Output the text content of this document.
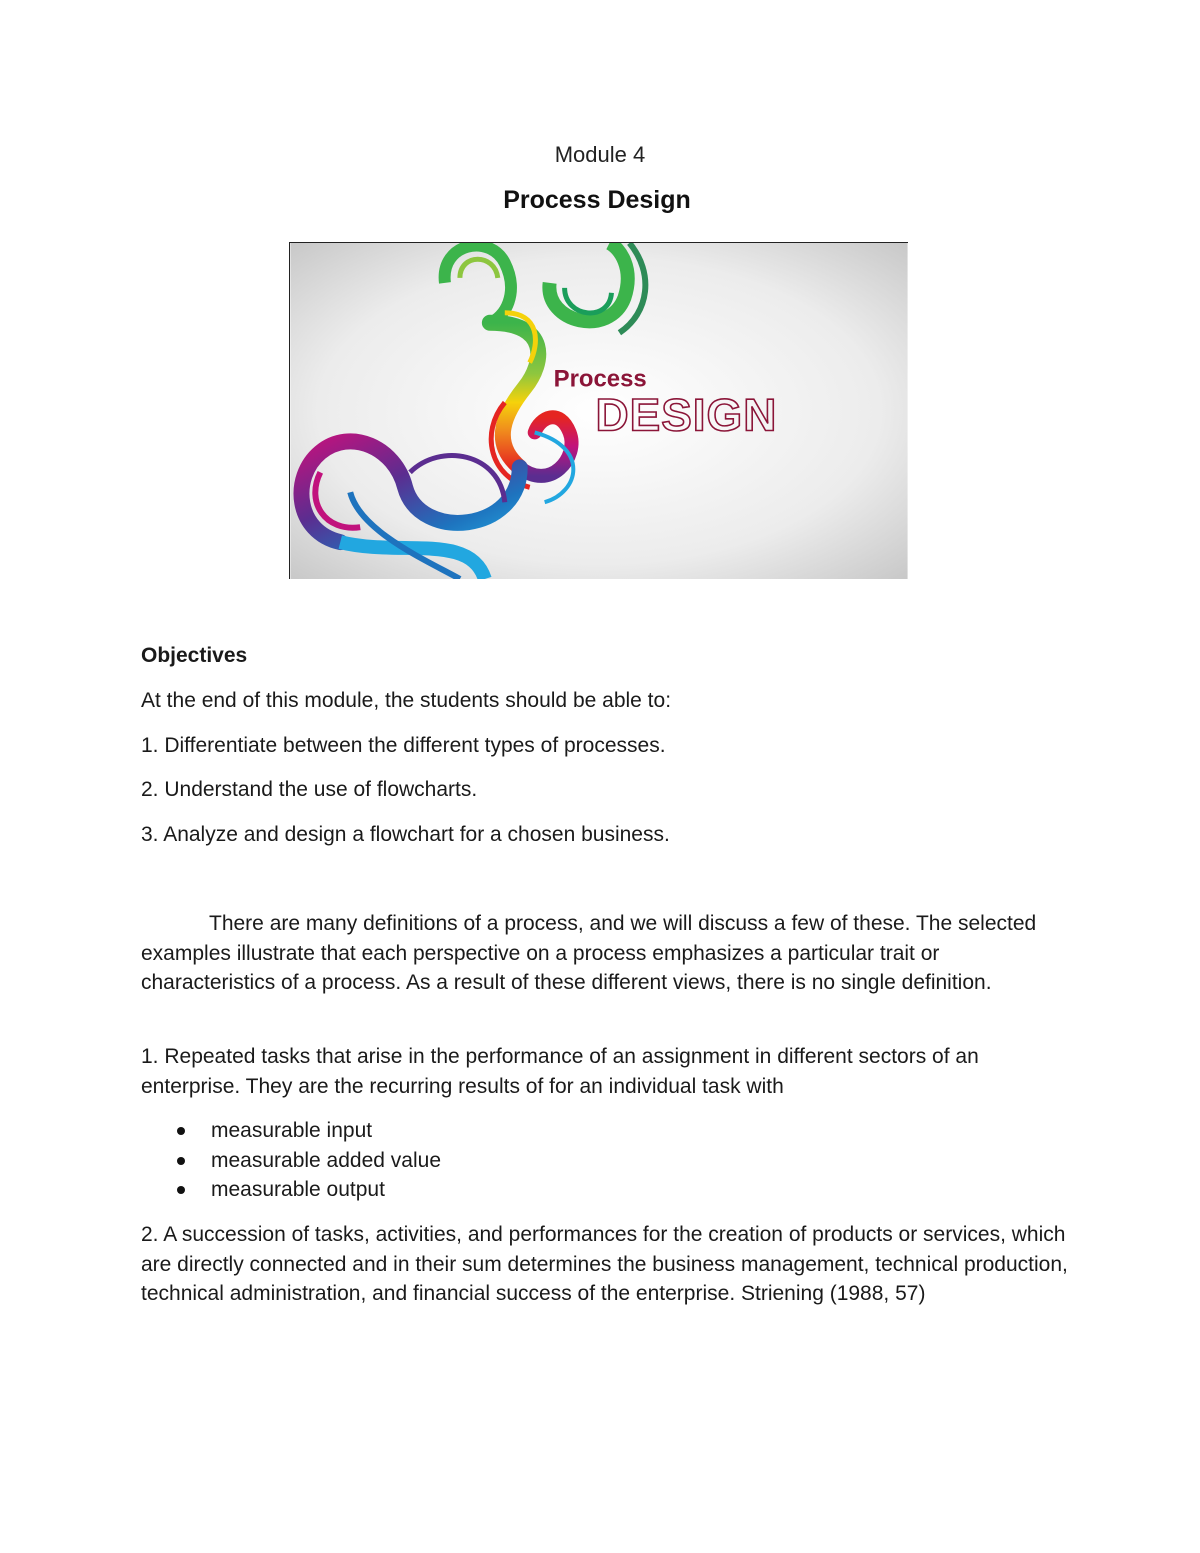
Module 4
Process Design
Process
DESIGN
Objectives
At the end of this module, the students should be able to:
1. Differentiate between the different types of processes.
2. Understand the use of flowcharts.
3. Analyze and design a flowchart for a chosen business.
There are many definitions of a process, and we will discuss a few of these. The selected examples illustrate that each perspective on a process emphasizes a particular trait or characteristics of a process. As a result of these different views, there is no single definition.
1. Repeated tasks that arise in the performance of an assignment in different sectors of an enterprise. They are the recurring results of for an individual task with
measurable input
measurable added value
measurable output
2. A succession of tasks, activities, and performances for the creation of products or services, which are directly connected and in their sum determines the business management, technical production, technical administration, and financial success of the enterprise. Striening (1988, 57)
